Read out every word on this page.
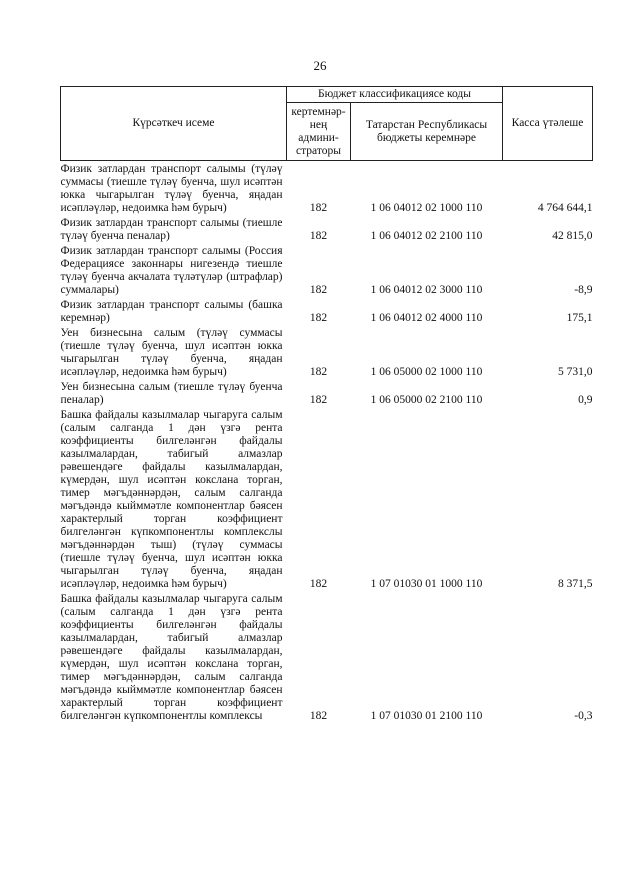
26
Күрсәткеч исеме	Бюджет классификациясе коды		Касса үтәлеше
	кертемнәр-нең админи-страторы	Татарстан Республикасы бюджеты керемнәре	
Физик затлардан транспорт салымы (түләү суммасы (тиешле түләү буенча, шул исәптән юкка чыгарылган түләү буенча, яңадан исәпләүләр, недоимка һәм бурыч)	182	1 06 04012 02 1000 110	4 764 644,1
Физик затлардан транспорт салымы (тиешле түләү буенча пеналар)	182	1 06 04012 02 2100 110	42 815,0
Физик затлардан транспорт салымы (Россия Федерациясе законнары нигезендә тиешле түләү буенча акчалата түләтүләр (штрафлар) суммалары)	182	1 06 04012 02 3000 110	-8,9
Физик затлардан транспорт салымы (башка керемнәр)	182	1 06 04012 02 4000 110	175,1
Уен бизнесына салым (түләү суммасы (тиешле түләү буенча, шул исәптән юкка чыгарылган түләү буенча, яңадан исәпләүләр, недоимка һәм бурыч)	182	1 06 05000 02 1000 110	5 731,0
Уен бизнесына салым (тиешле түләү буенча пеналар)	182	1 06 05000 02 2100 110	0,9
Башка файдалы казылмалар чыгаруга салым (салым салганда 1 дән үзгә рента коэффициенты билгеләнгән файдалы казылмалардан, табигый алмазлар рәвешендәге файдалы казылмалардан, күмердән, шул исәптән коксланa торган, тимер мәгъдәннәрдән, салым салганда мәгъдәндә кыйммәтле компонентлар бәясен характерлый торган коэффициент билгеләнгән күпкомпонентлы комплекслы мәгъдәннәрдән тыш) (түләү суммасы (тиешле түләү буенча, шул исәптән юкка чыгарылган түләү буенча, яңадан исәпләүләр, недоимка һәм бурыч)	182	1 07 01030 01 1000 110	8 371,5
Башка файдалы казылмалар чыгаруга салым (салым салганда 1 дән үзгә рента коэффициенты билгеләнгән файдалы казылмалардан, табигый алмазлар рәвешендәге файдалы казылмалардан, күмердән, шул исәптән коксланa торган, тимер мәгъдәннәрдән, салым салганда мәгъдәндә кыйммәтле компонентлар бәясен характерлый торган коэффициент билгеләнгән күпкомпонентлы комплексы	182	1 07 01030 01 2100 110	-0,3
